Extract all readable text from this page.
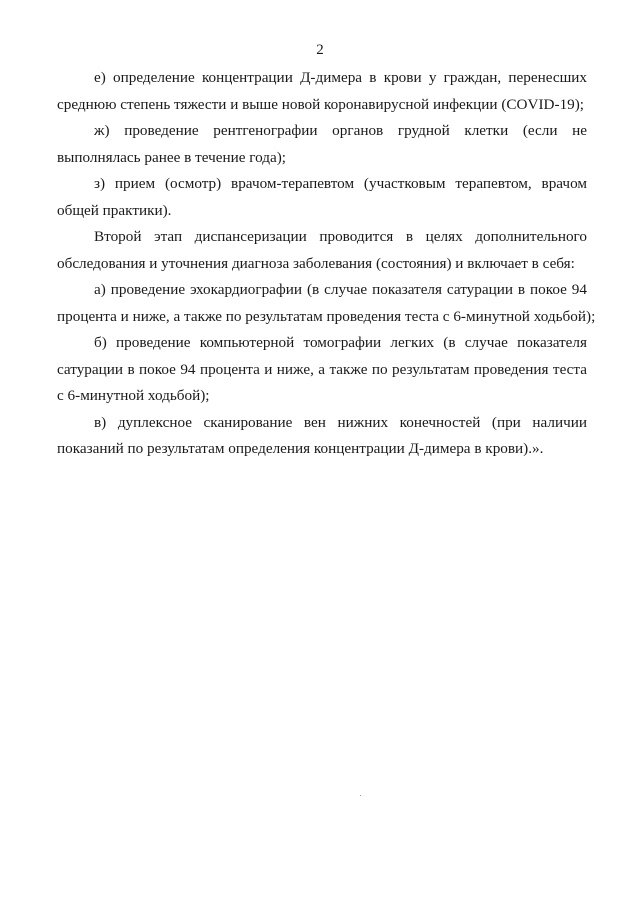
2

е) определение концентрации Д-димера в крови у граждан, перенесших
среднюю степень тяжести и выше новой коронавирусной инфекции (COVID-19);

ж) проведение рентгенографии органов грудной клетки (если не
выполнялась ранее в течение года);

з) прием (осмотр) врачом-терапевтом (участковым терапевтом, врачом
общей практики).

Второй этап диспансеризации проводится в целях дополнительного
обследования и уточнения диагноза заболевания (состояния) и включает в себя:

а) проведение эхокардиографии (в случае показателя сатурации в покое 94
процента и ниже, а также по результатам проведения теста с 6-минутной ходьбой);

б) проведение компьютерной томографии легких (в случае показателя
сатурации в покое 94 процента и ниже, а также по результатам проведения теста
с 6-минутной ходьбой);

в) дуплексное сканирование вен нижних конечностей (при наличии
показаний по результатам определения концентрации Д-димера в крови).».
